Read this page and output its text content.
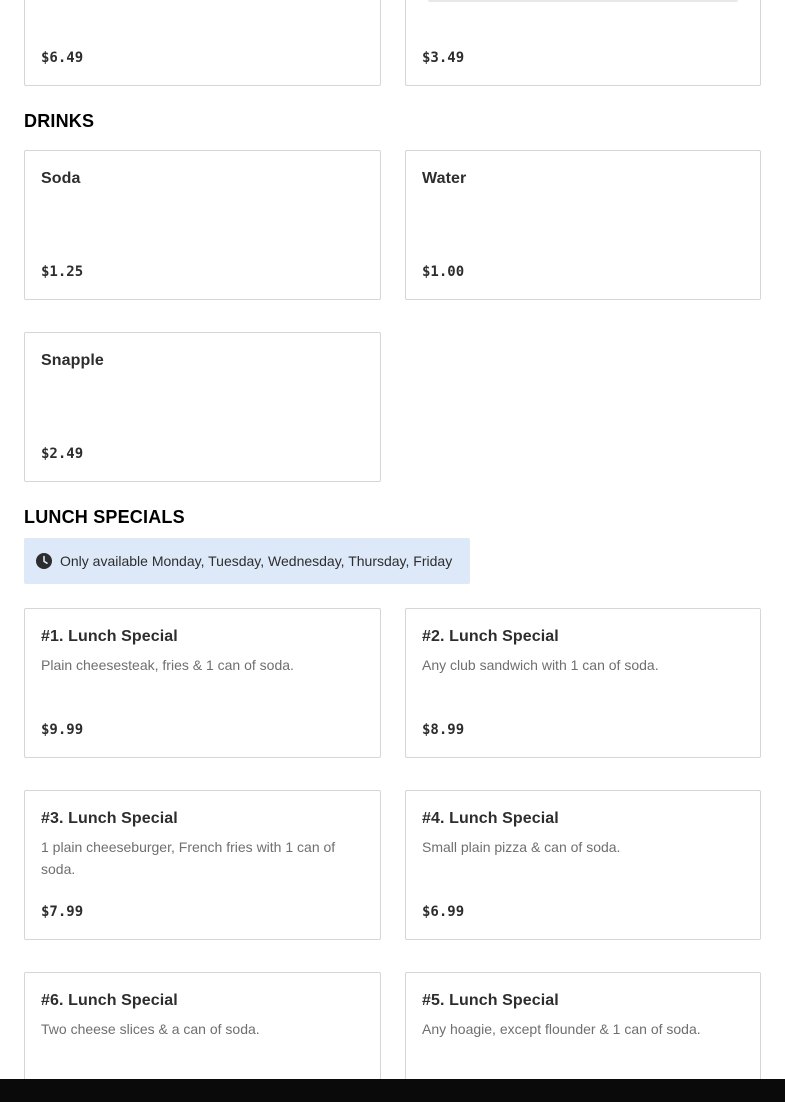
$6.49	$3.49
DRINKS
Soda
$1.25
Water
$1.00
Snapple
$2.49
LUNCH SPECIALS
Only available Monday, Tuesday, Wednesday, Thursday, Friday
#1. Lunch Special
Plain cheesesteak, fries & 1 can of soda.
$9.99
#2. Lunch Special
Any club sandwich with 1 can of soda.
$8.99
#3. Lunch Special
1 plain cheeseburger, French fries with 1 can of soda.
$7.99
#4. Lunch Special
Small plain pizza & can of soda.
$6.99
#6. Lunch Special
Two cheese slices & a can of soda.
#5. Lunch Special
Any hoagie, except flounder & 1 can of soda.
